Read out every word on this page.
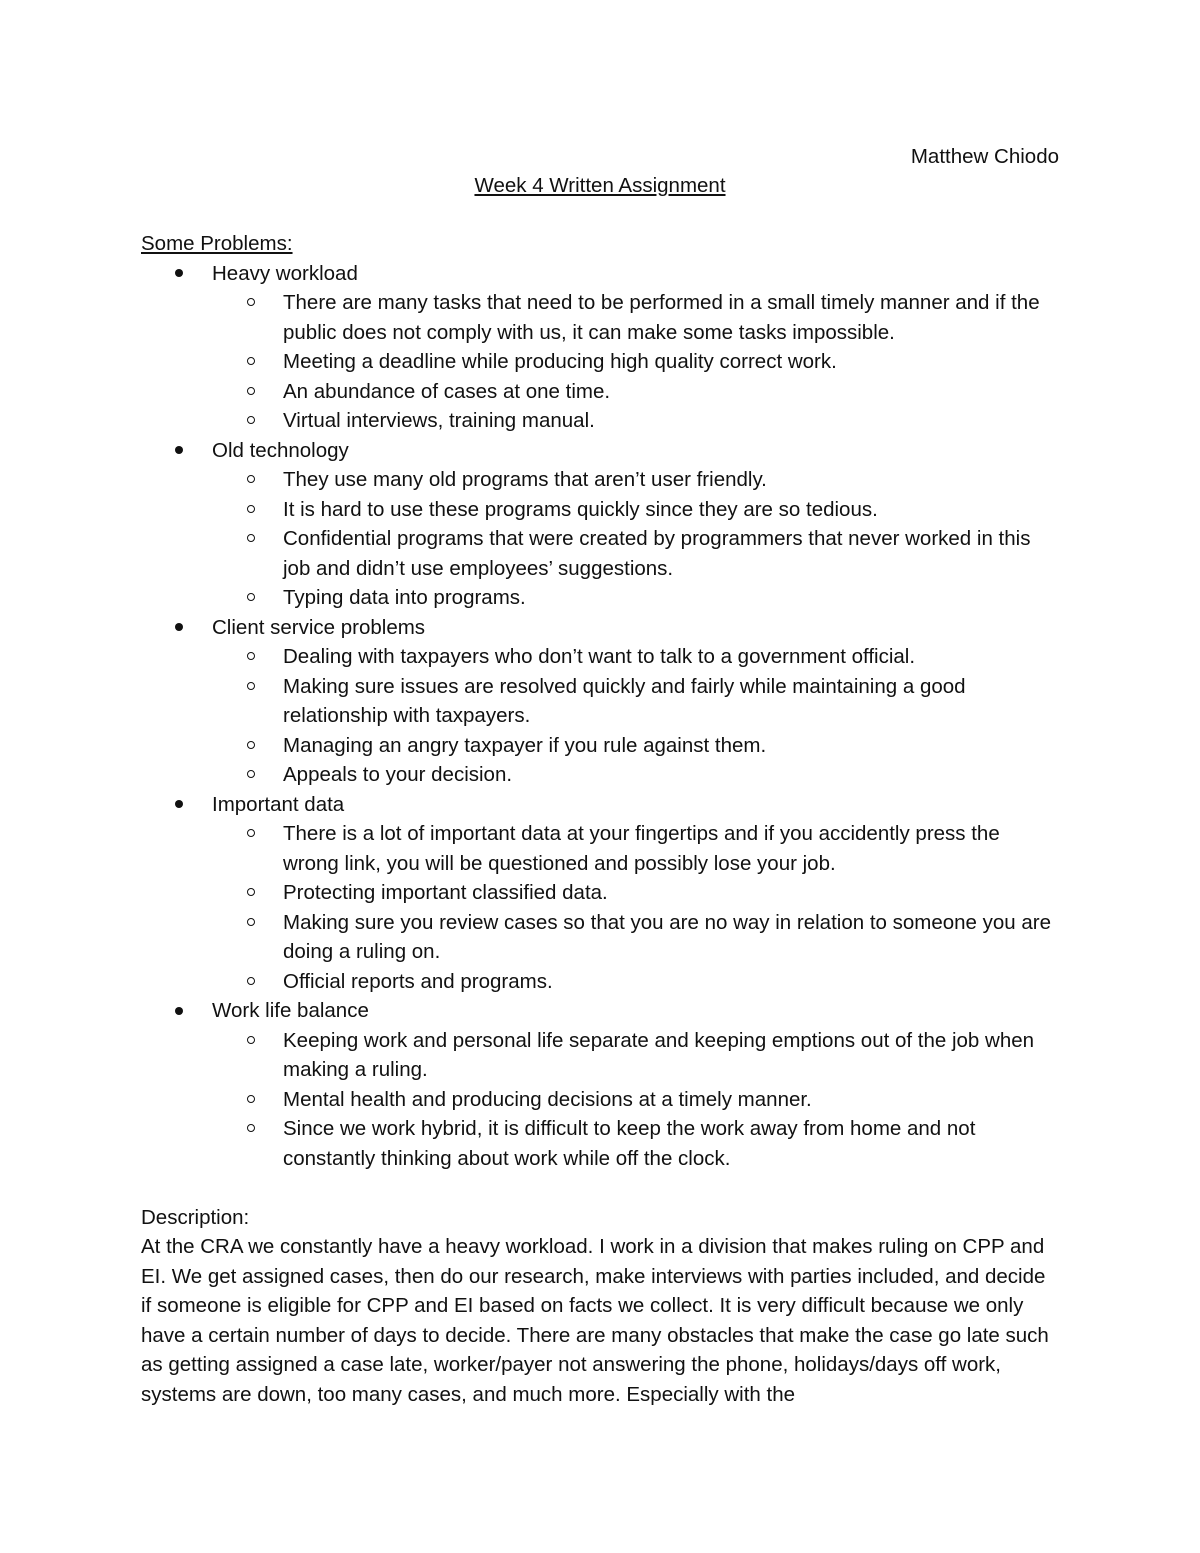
Matthew Chiodo
Week 4 Written Assignment
Some Problems:
Heavy workload
There are many tasks that need to be performed in a small timely manner and if the public does not comply with us, it can make some tasks impossible.
Meeting a deadline while producing high quality correct work.
An abundance of cases at one time.
Virtual interviews, training manual.
Old technology
They use many old programs that aren’t user friendly.
It is hard to use these programs quickly since they are so tedious.
Confidential programs that were created by programmers that never worked in this job and didn’t use employees’ suggestions.
Typing data into programs.
Client service problems
Dealing with taxpayers who don’t want to talk to a government official.
Making sure issues are resolved quickly and fairly while maintaining a good relationship with taxpayers.
Managing an angry taxpayer if you rule against them.
Appeals to your decision.
Important data
There is a lot of important data at your fingertips and if you accidently press the wrong link, you will be questioned and possibly lose your job.
Protecting important classified data.
Making sure you review cases so that you are no way in relation to someone you are doing a ruling on.
Official reports and programs.
Work life balance
Keeping work and personal life separate and keeping emptions out of the job when making a ruling.
Mental health and producing decisions at a timely manner.
Since we work hybrid, it is difficult to keep the work away from home and not constantly thinking about work while off the clock.
Description:

At the CRA we constantly have a heavy workload. I work in a division that makes ruling on CPP and EI. We get assigned cases, then do our research, make interviews with parties included, and decide if someone is eligible for CPP and EI based on facts we collect. It is very difficult because we only have a certain number of days to decide. There are many obstacles that make the case go late such as getting assigned a case late, worker/payer not answering the phone, holidays/days off work, systems are down, too many cases, and much more. Especially with the
